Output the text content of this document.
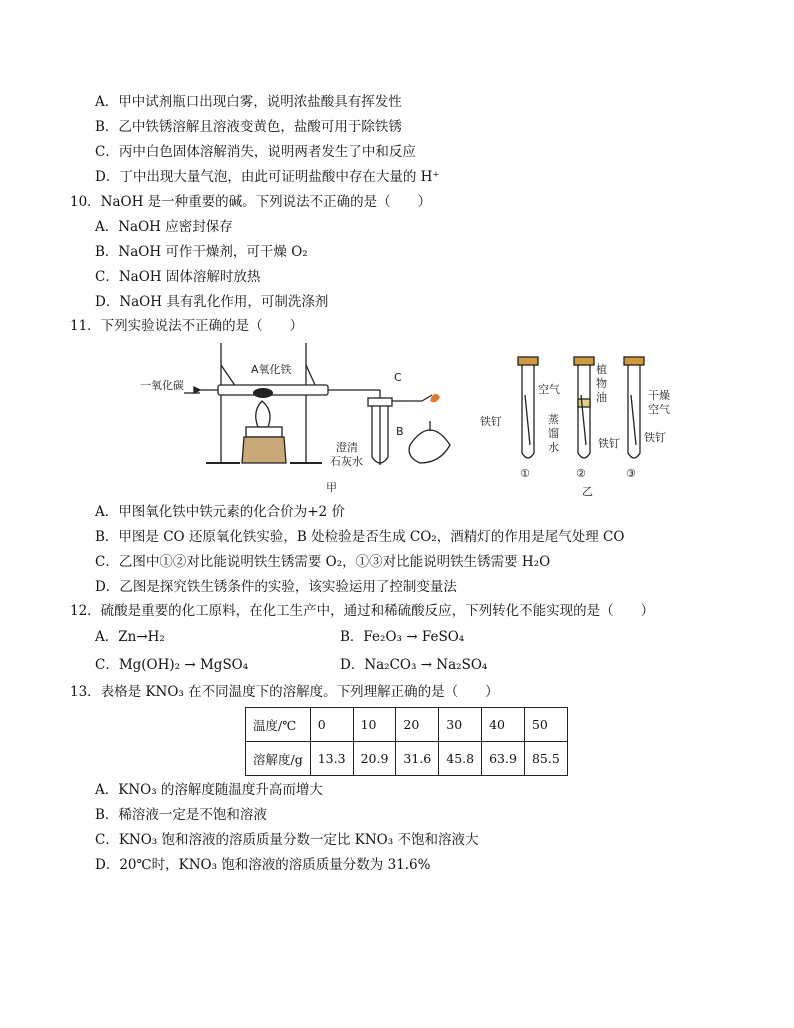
A．甲中试剂瓶口出现白雾，说明浓盐酸具有挥发性
B．乙中铁锈溶解且溶液变黄色，盐酸可用于除铁锈
C．丙中白色固体溶解消失，说明两者发生了中和反应
D．丁中出现大量气泡，由此可证明盐酸中存在大量的 H⁺
10．NaOH 是一种重要的碱。下列说法不正确的是（　　）
A．NaOH 应密封保存
B．NaOH 可作干燥剂，可干燥 O₂
C．NaOH 固体溶解时放热
D．NaOH 具有乳化作用，可制洗涤剂
11．下列实验说法不正确的是（　　）
一氧化碳
A氧化铁
B
C
澄清
石灰水
甲
空气
植
物
油
蒸
馏
水
铁钉
铁钉 铁钉
干燥
空气
①	②	③
乙
A．甲图氧化铁中铁元素的化合价为+2 价
B．甲图是 CO 还原氧化铁实验，B 处检验是否生成 CO₂，酒精灯的作用是尾气处理 CO
C．乙图中①②对比能说明铁生锈需要 O₂，①③对比能说明铁生锈需要 H₂O
D．乙图是探究铁生锈条件的实验，该实验运用了控制变量法
12．硫酸是重要的化工原料，在化工生产中，通过和稀硫酸反应，下列转化不能实现的是（　　）
A．Zn→H₂	B．Fe₂O₃ → FeSO₄
C．Mg(OH)₂ → MgSO₄	D．Na₂CO₃ → Na₂SO₄
13．表格是 KNO₃ 在不同温度下的溶解度。下列理解正确的是（　　）
温度/℃	0	10	20	30	40	50
溶解度/g	13.3	20.9	31.6	45.8	63.9	85.5
A．KNO₃ 的溶解度随温度升高而增大
B．稀溶液一定是不饱和溶液
C．KNO₃ 饱和溶液的溶质质量分数一定比 KNO₃ 不饱和溶液大
D．20℃时，KNO₃ 饱和溶液的溶质质量分数为 31.6%
